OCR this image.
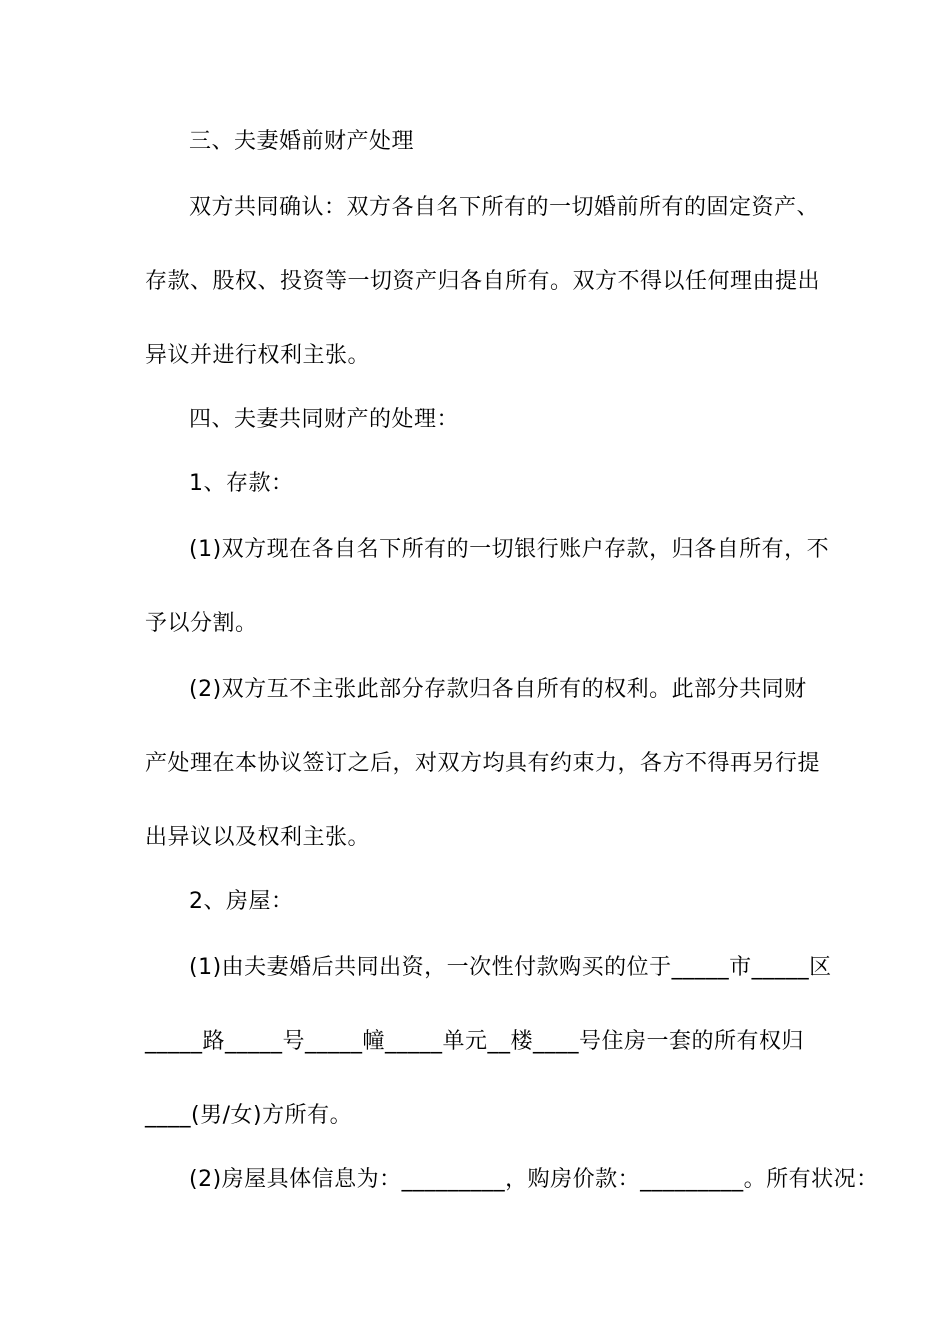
三、夫妻婚前财产处理
双方共同确认：双方各自名下所有的一切婚前所有的固定资产、
存款、股权、投资等一切资产归各自所有。双方不得以任何理由提出
异议并进行权利主张。
四、夫妻共同财产的处理：
1、存款：
(1)双方现在各自名下所有的一切银行账户存款，归各自所有，不
予以分割。
(2)双方互不主张此部分存款归各自所有的权利。此部分共同财
产处理在本协议签订之后，对双方均具有约束力，各方不得再另行提
出异议以及权利主张。
2、房屋：
(1)由夫妻婚后共同出资，一次性付款购买的位于_____市_____区
_____路_____号_____幢_____单元__楼____号住房一套的所有权归
____(男/女)方所有。
(2)房屋具体信息为：_________，购房价款：_________。所有状况：
